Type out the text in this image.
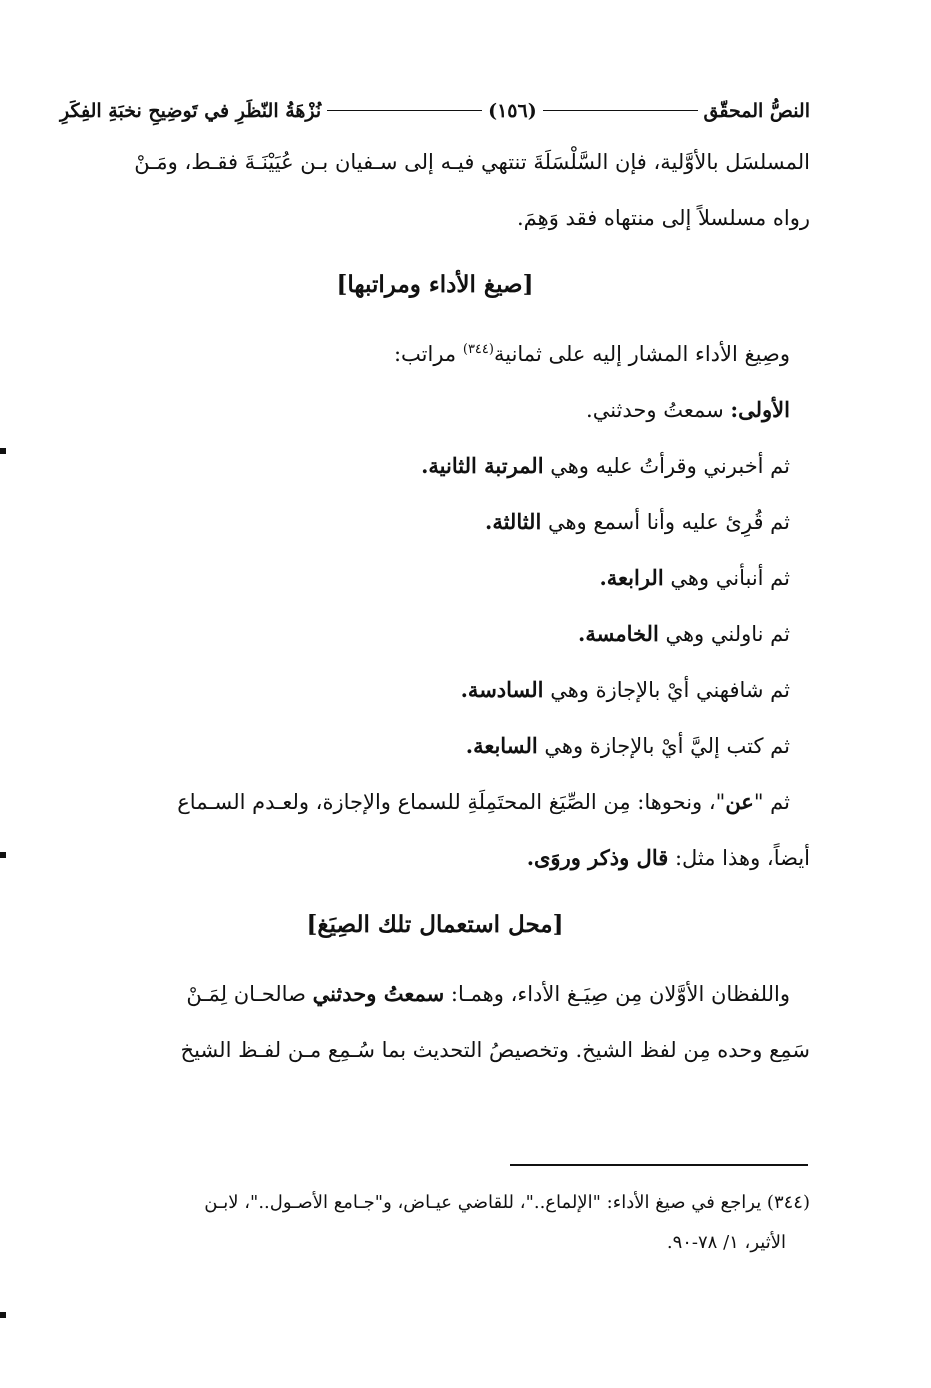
النصُّ المحقّق
(١٥٦)
نُزْهَةُ النّظَرِ في تَوضِيحِ نخبَةِ الفِكَرِ
المسلسَل بالأوَّلية، فإن السَّلْسَلَةَ تنتهي فيـه إلى سـفيان بـن عُيَيْنَـةَ فقـط، ومَـنْ
رواه مسلسلاً إلى منتهاه فقد وَهِمَ.
[صيغ الأداء ومراتبها]
وصِيغ الأداء المشار إليه على ثمانية$^{(٣٤٤)}$ مراتب:
الأولى: سمعتُ وحدثني.
ثم أخبرني وقرأتُ عليه وهي المرتبة الثانية.
ثم قُرِئ عليه وأنا أسمع وهي الثالثة.
ثم أنبأني وهي الرابعة.
ثم ناولني وهي الخامسة.
ثم شافهني أيْ بالإجازة وهي السادسة.
ثم كتب إليَّ أيْ بالإجازة وهي السابعة.
ثم "عن"، ونحوها: مِن الصِّيَغ المحتَمِلَةِ للسماع والإجازة، ولعـدم السـماع
أيضاً، وهذا مثل: قال وذكر وروَى.
[محل استعمال تلك الصِيَغ]
واللفظان الأوَّلان مِن صِيَـغ الأداء، وهمـا: سمعتُ وحدثني صالحـان لِمَـنْ
سَمِع وحده مِن لفظ الشيخ. وتخصيصُ التحديث بما سُـمِع مـن لفـظ الشيخ
(٣٤٤) يراجع في صيغ الأداء: "الإلماع.."، للقاضي عيـاض، و"جـامع الأصـول.."، لابـن
الأثير، ١/ ٧٨-٩٠.
